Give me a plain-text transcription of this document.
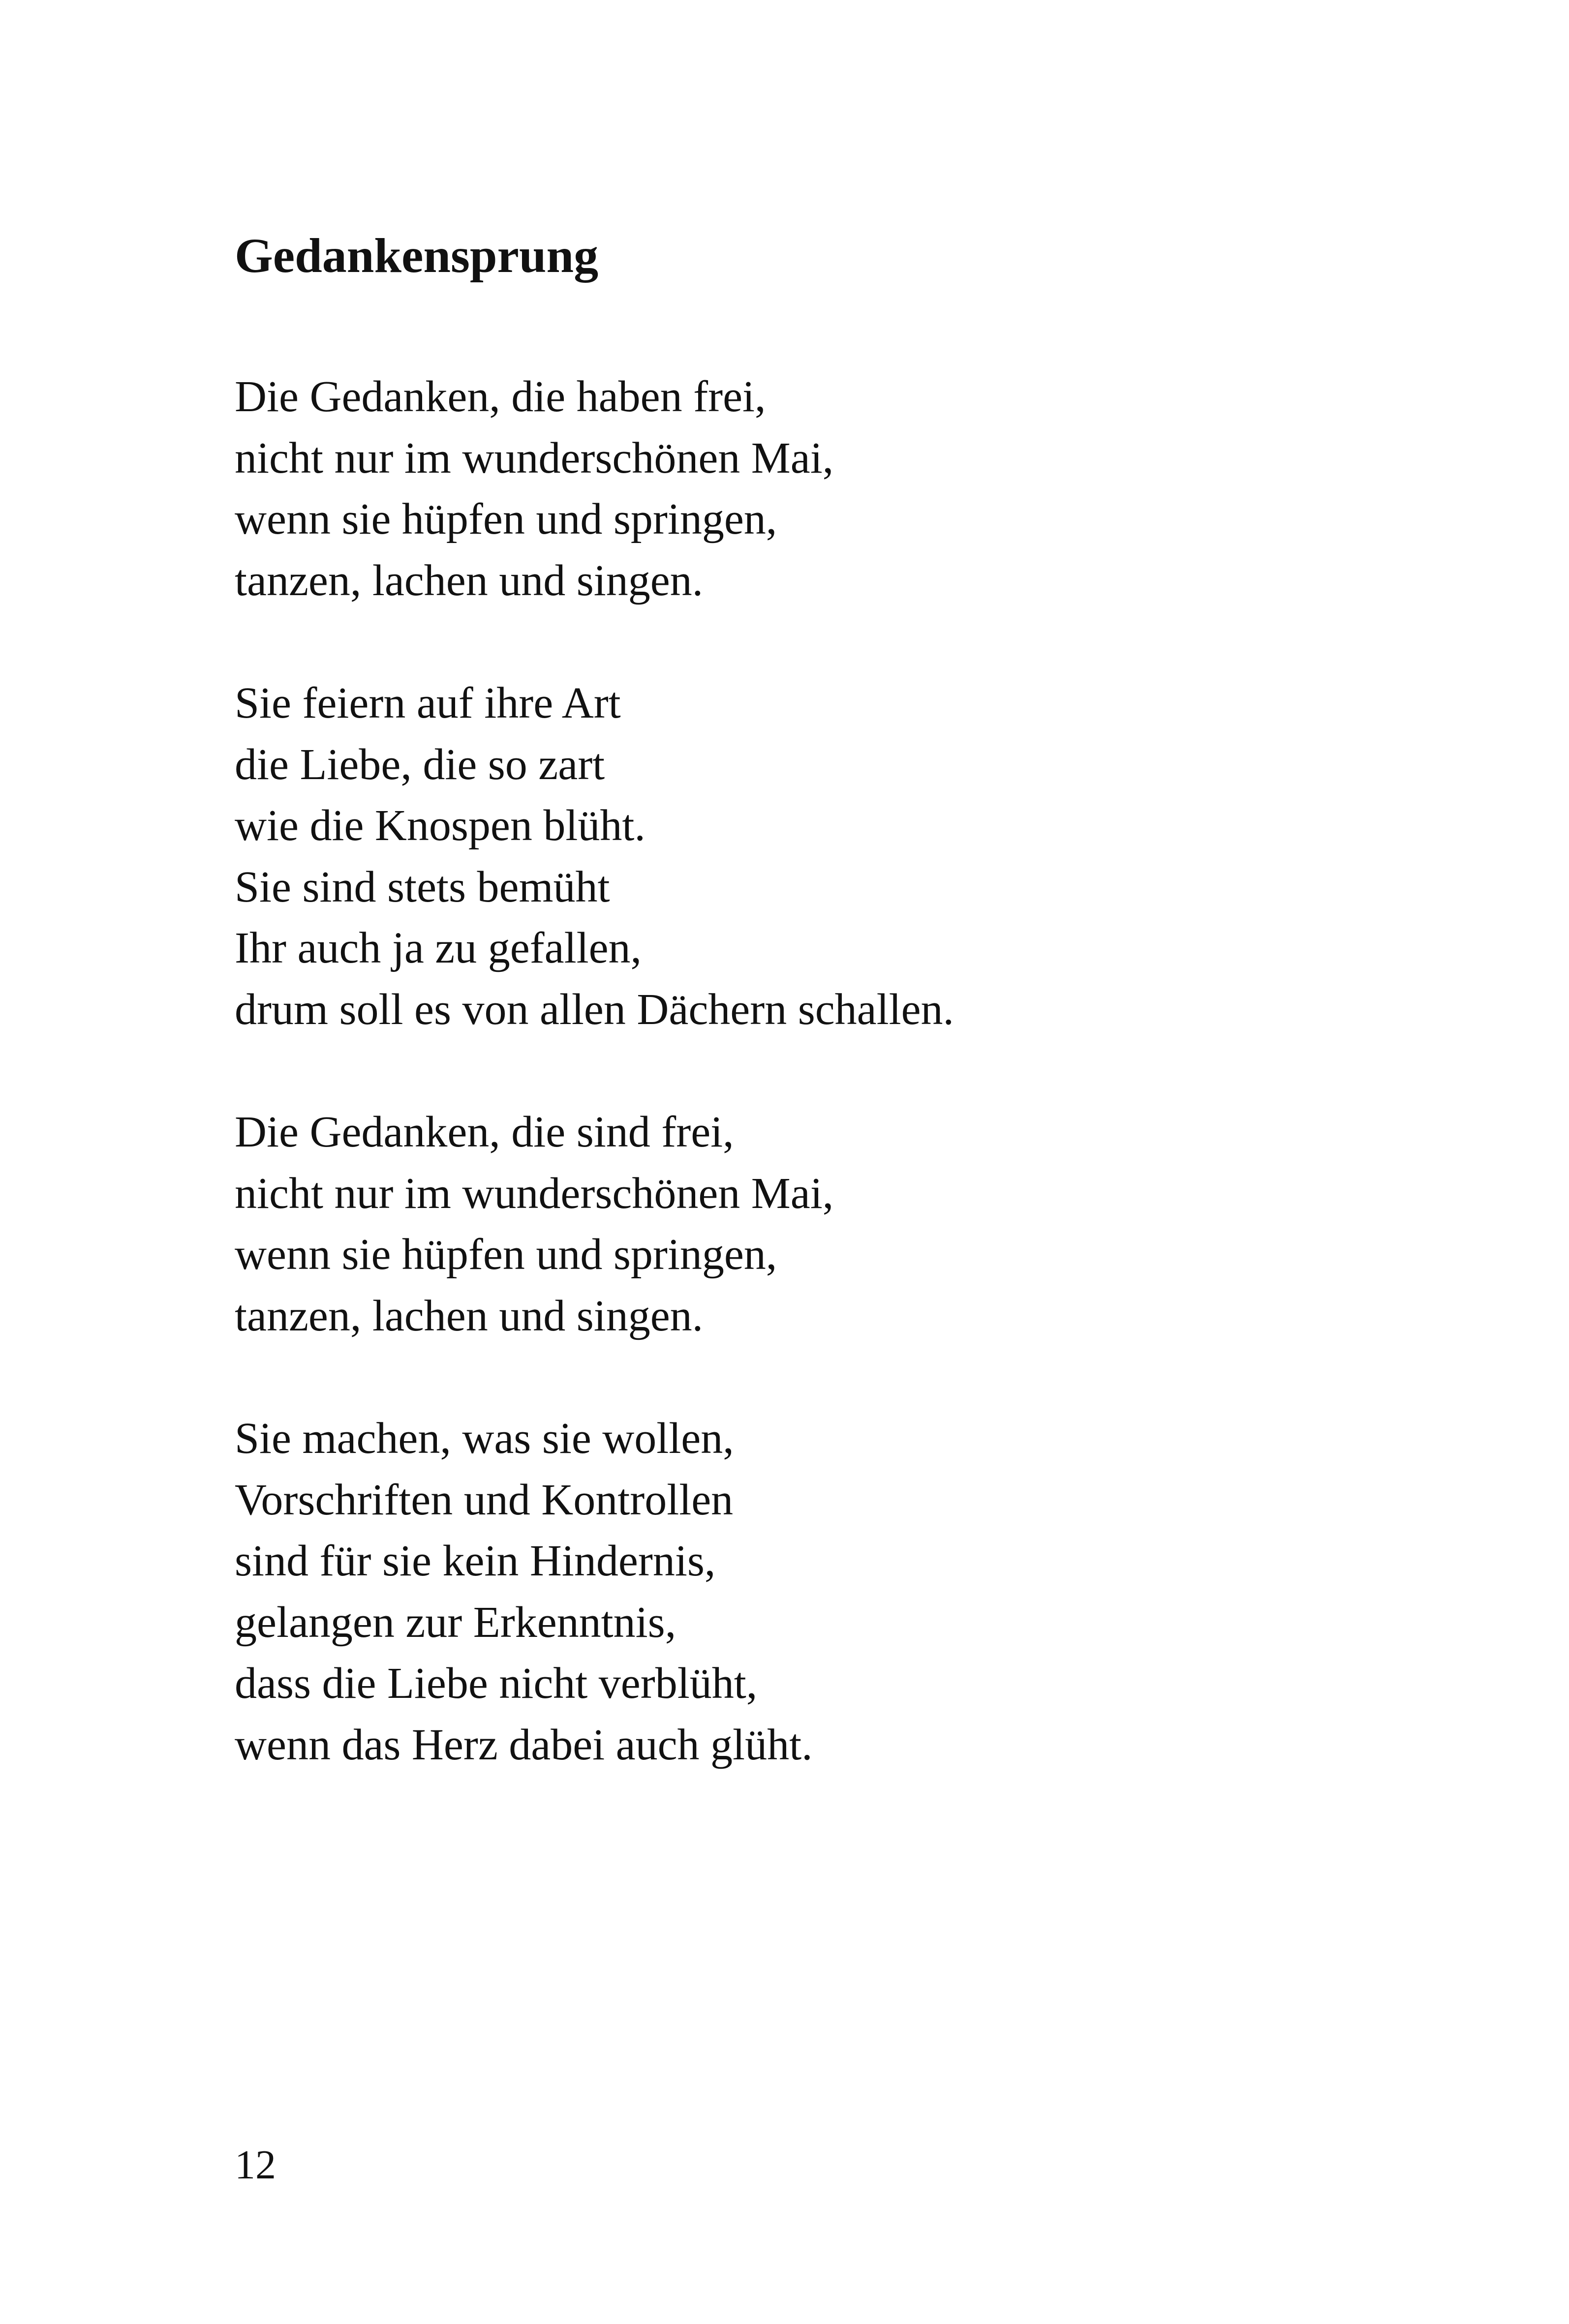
Gedankensprung
Die Gedanken, die haben frei,
nicht nur im wunderschönen Mai,
wenn sie hüpfen und springen,
tanzen, lachen und singen.
Sie feiern auf ihre Art
die Liebe, die so zart
wie die Knospen blüht.
Sie sind stets bemüht
Ihr auch ja zu gefallen,
drum soll es von allen Dächern schallen.
Die Gedanken, die sind frei,
nicht nur im wunderschönen Mai,
wenn sie hüpfen und springen,
tanzen, lachen und singen.
Sie machen, was sie wollen,
Vorschriften und Kontrollen
sind für sie kein Hindernis,
gelangen zur Erkenntnis,
dass die Liebe nicht verblüht,
wenn das Herz dabei auch glüht.
12
